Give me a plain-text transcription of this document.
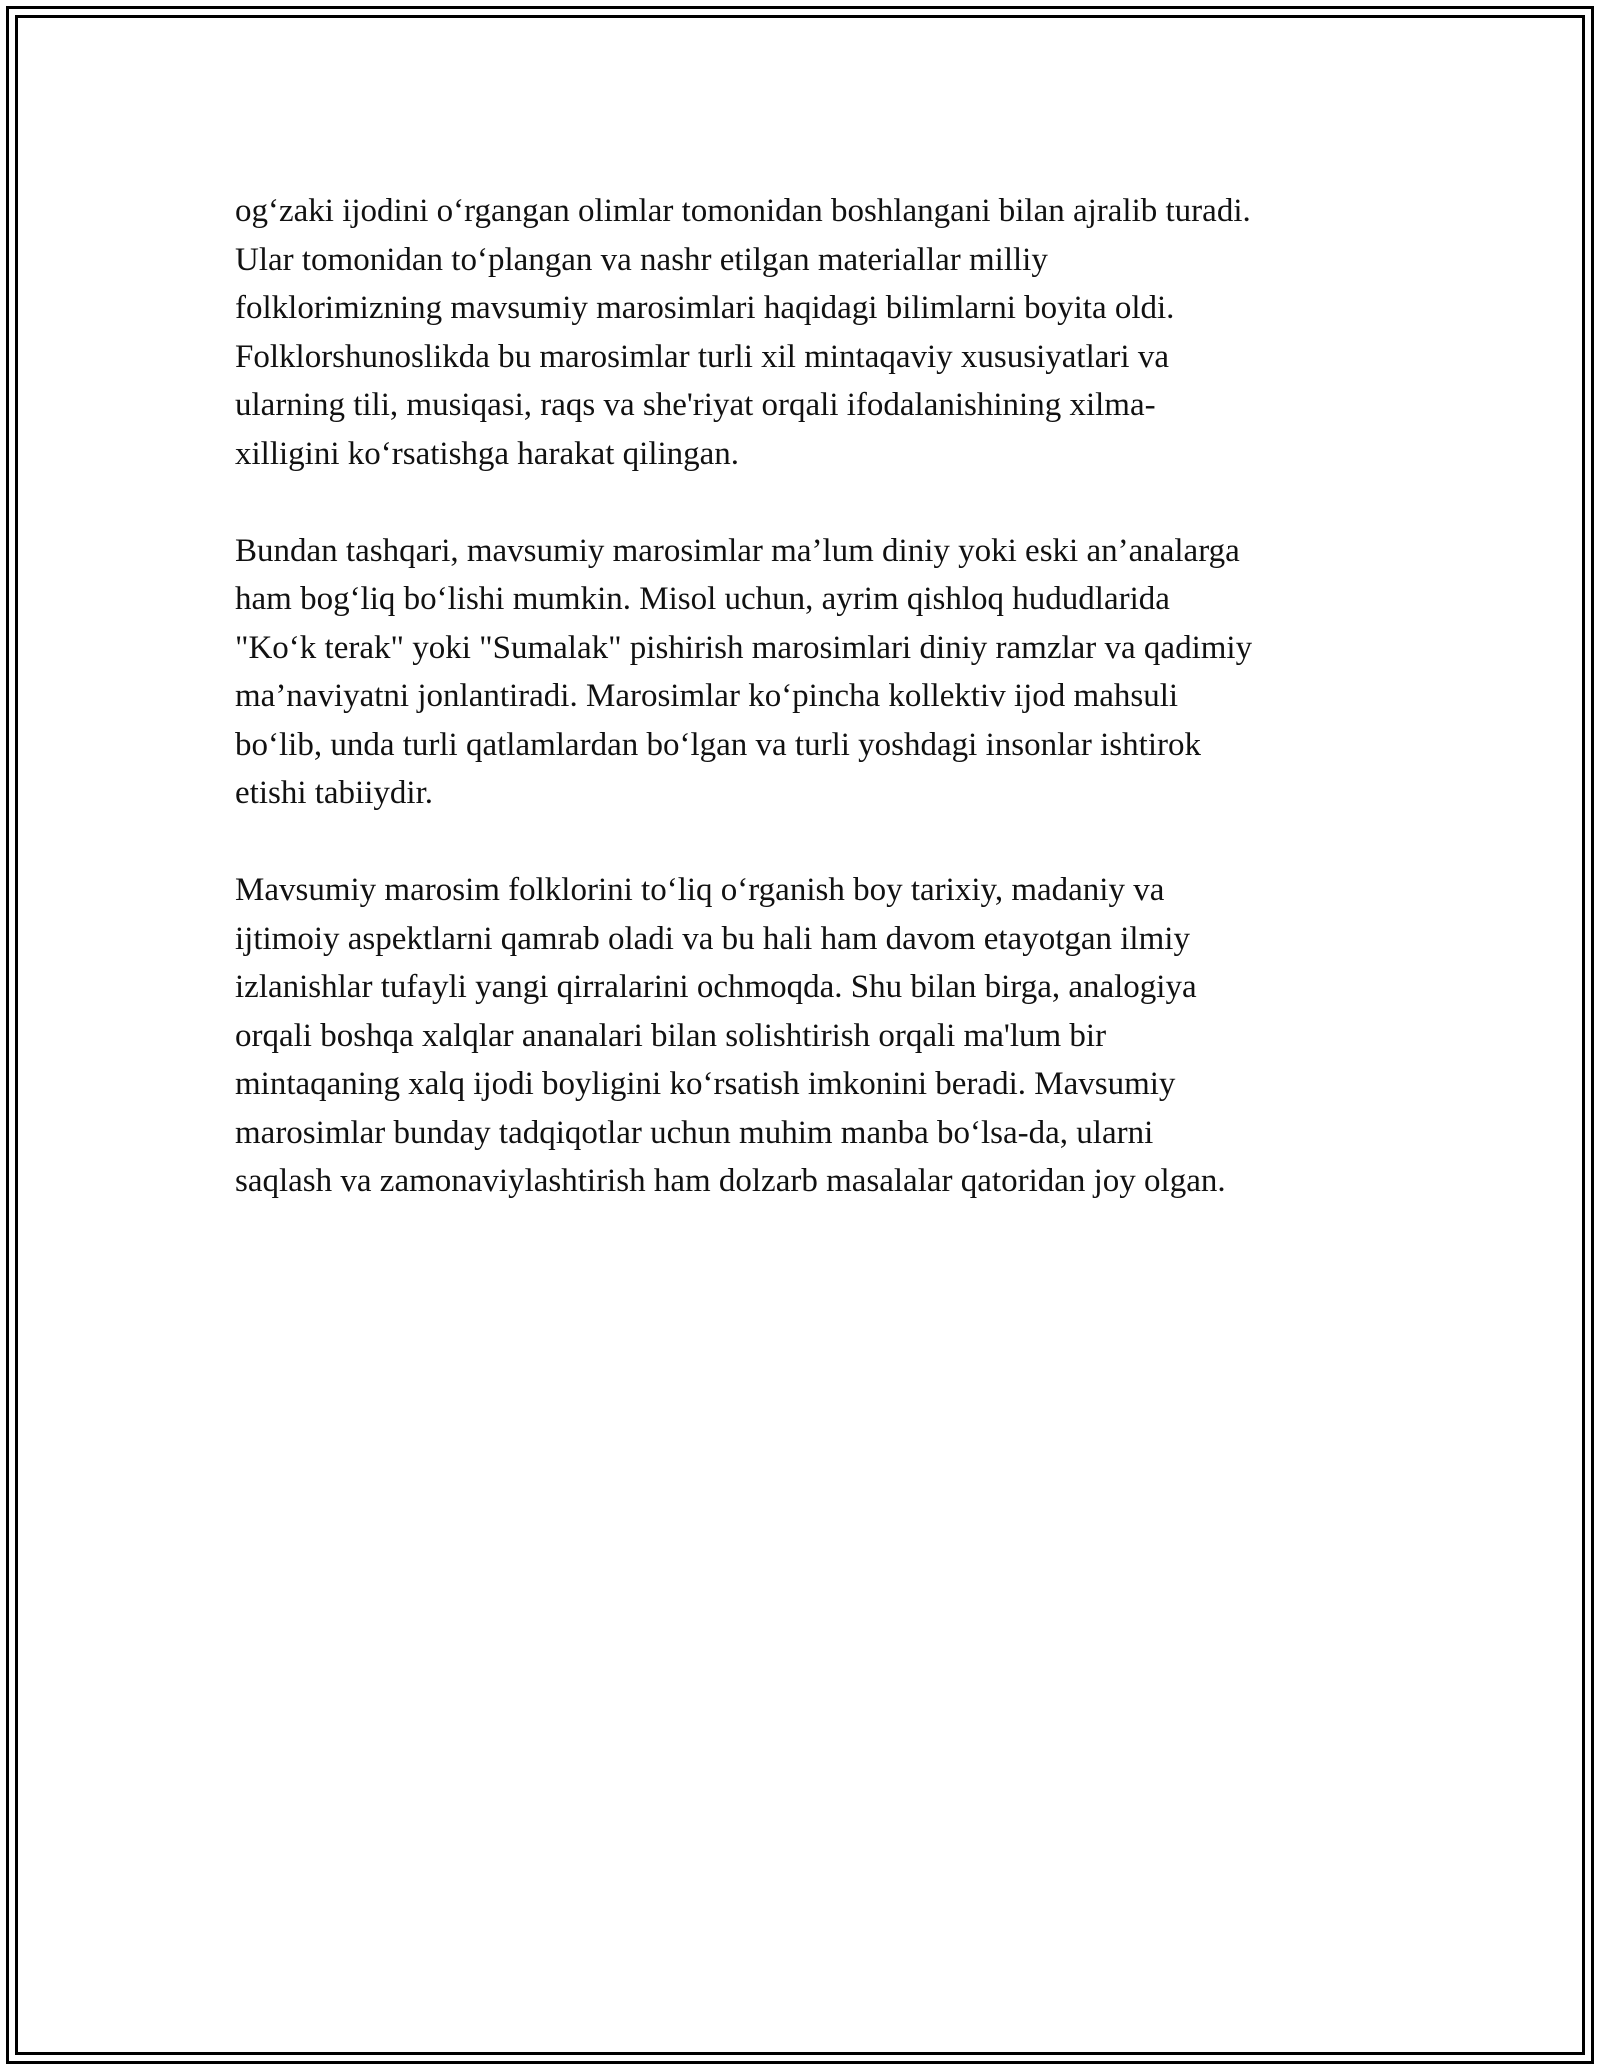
og‘zaki ijodini o‘rgangan olimlar tomonidan boshlangani bilan ajralib turadi.
Ular tomonidan to‘plangan va nashr etilgan materiallar milliy
folklorimizning mavsumiy marosimlari haqidagi bilimlarni boyita oldi.
Folklorshunoslikda bu marosimlar turli xil mintaqaviy xususiyatlari va
ularning tili, musiqasi, raqs va she'riyat orqali ifodalanishining xilma-
xilligini ko‘rsatishga harakat qilingan.

Bundan tashqari, mavsumiy marosimlar ma’lum diniy yoki eski an’analarga
ham bog‘liq bo‘lishi mumkin. Misol uchun, ayrim qishloq hududlarida
"Ko‘k terak" yoki "Sumalak" pishirish marosimlari diniy ramzlar va qadimiy
ma’naviyatni jonlantiradi. Marosimlar ko‘pincha kollektiv ijod mahsuli
bo‘lib, unda turli qatlamlardan bo‘lgan va turli yoshdagi insonlar ishtirok
etishi tabiiydir.

Mavsumiy marosim folklorini to‘liq o‘rganish boy tarixiy, madaniy va
ijtimoiy aspektlarni qamrab oladi va bu hali ham davom etayotgan ilmiy
izlanishlar tufayli yangi qirralarini ochmoqda. Shu bilan birga, analogiya
orqali boshqa xalqlar ananalari bilan solishtirish orqali ma'lum bir
mintaqaning xalq ijodi boyligini ko‘rsatish imkonini beradi. Mavsumiy
marosimlar bunday tadqiqotlar uchun muhim manba bo‘lsa-da, ularni
saqlash va zamonaviylashtirish ham dolzarb masalalar qatoridan joy olgan.
